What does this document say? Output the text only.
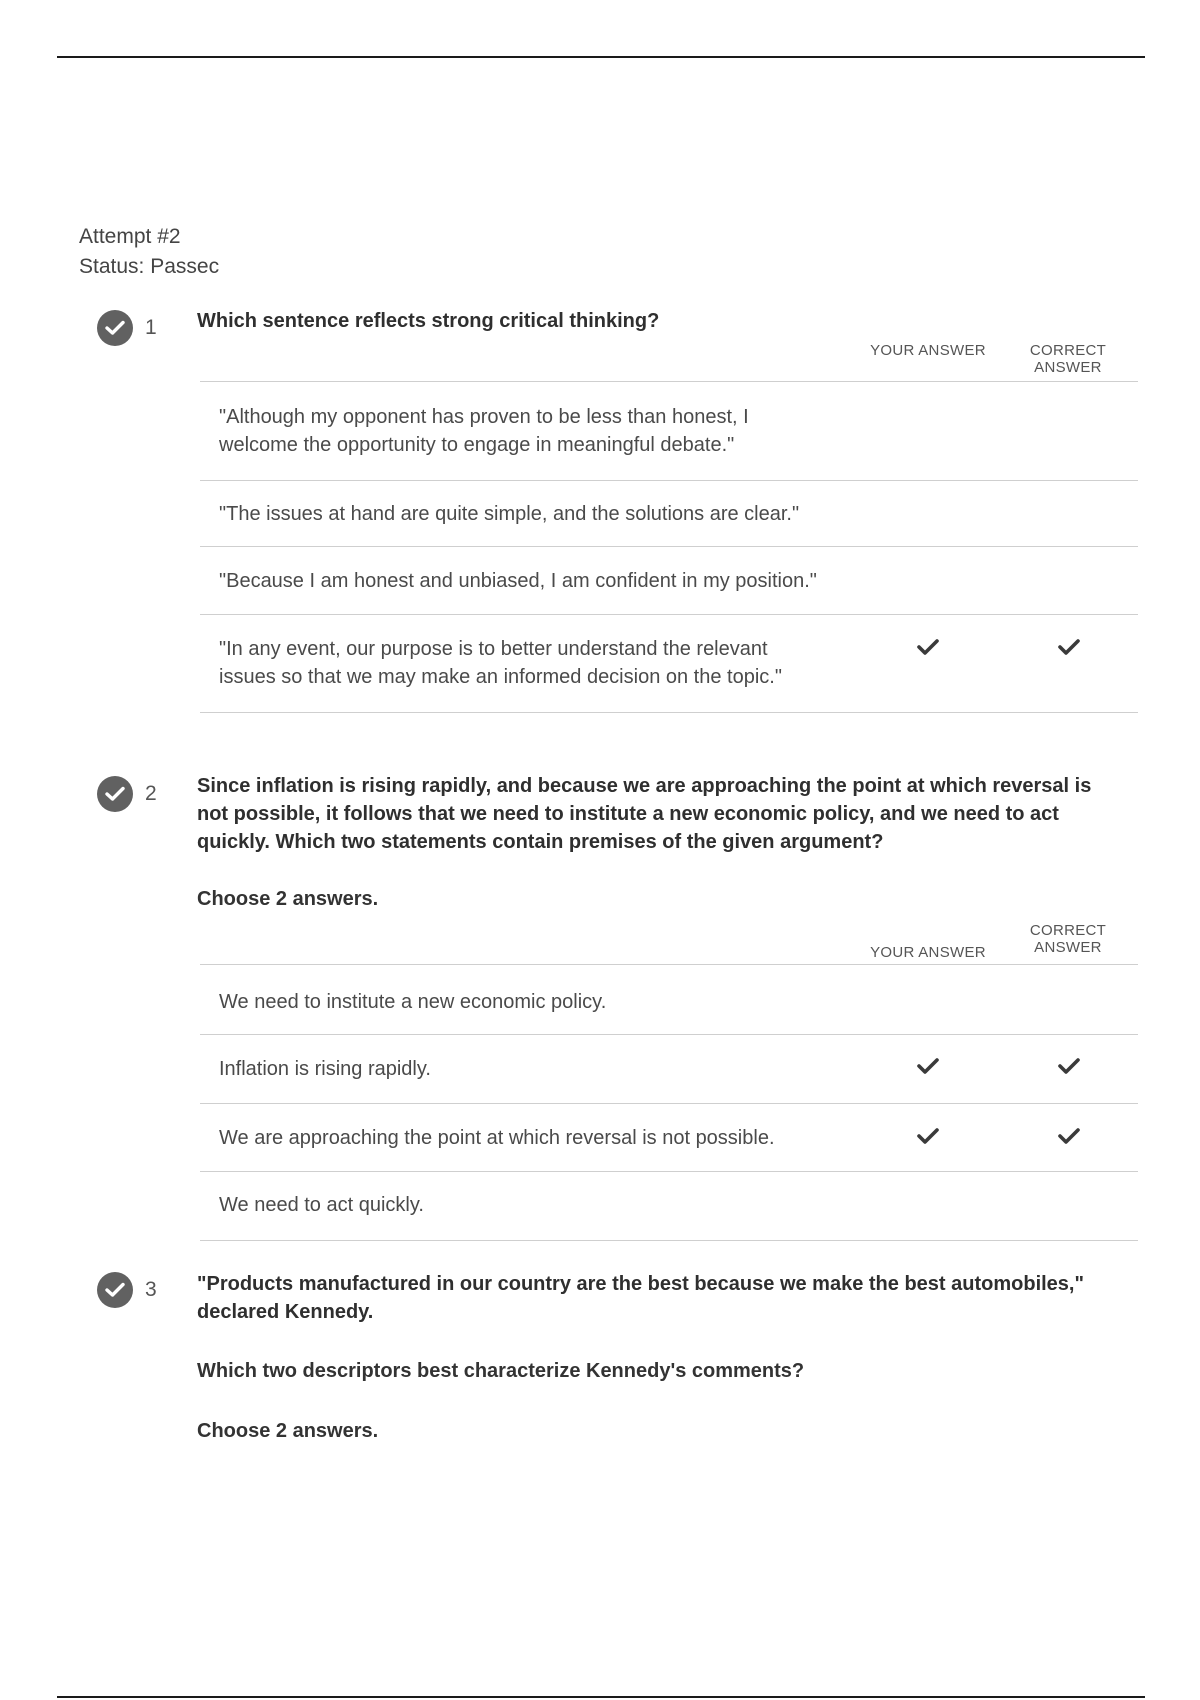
Attempt #2
Status: Passec
1 Which sentence reflects strong critical thinking?
YOUR ANSWER	CORRECT ANSWER
"Although my opponent has proven to be less than honest, I welcome the opportunity to engage in meaningful debate."
"The issues at hand are quite simple, and the solutions are clear."
"Because I am honest and unbiased, I am confident in my position."
"In any event, our purpose is to better understand the relevant issues so that we may make an informed decision on the topic."
2 Since inflation is rising rapidly, and because we are approaching the point at which reversal is not possible, it follows that we need to institute a new economic policy, and we need to act quickly. Which two statements contain premises of the given argument?
Choose 2 answers.
YOUR ANSWER
CORRECT ANSWER
We need to institute a new economic policy.
Inflation is rising rapidly.
We are approaching the point at which reversal is not possible.
We need to act quickly.
3 "Products manufactured in our country are the best because we make the best automobiles," declared Kennedy.
Which two descriptors best characterize Kennedy's comments?
Choose 2 answers.
